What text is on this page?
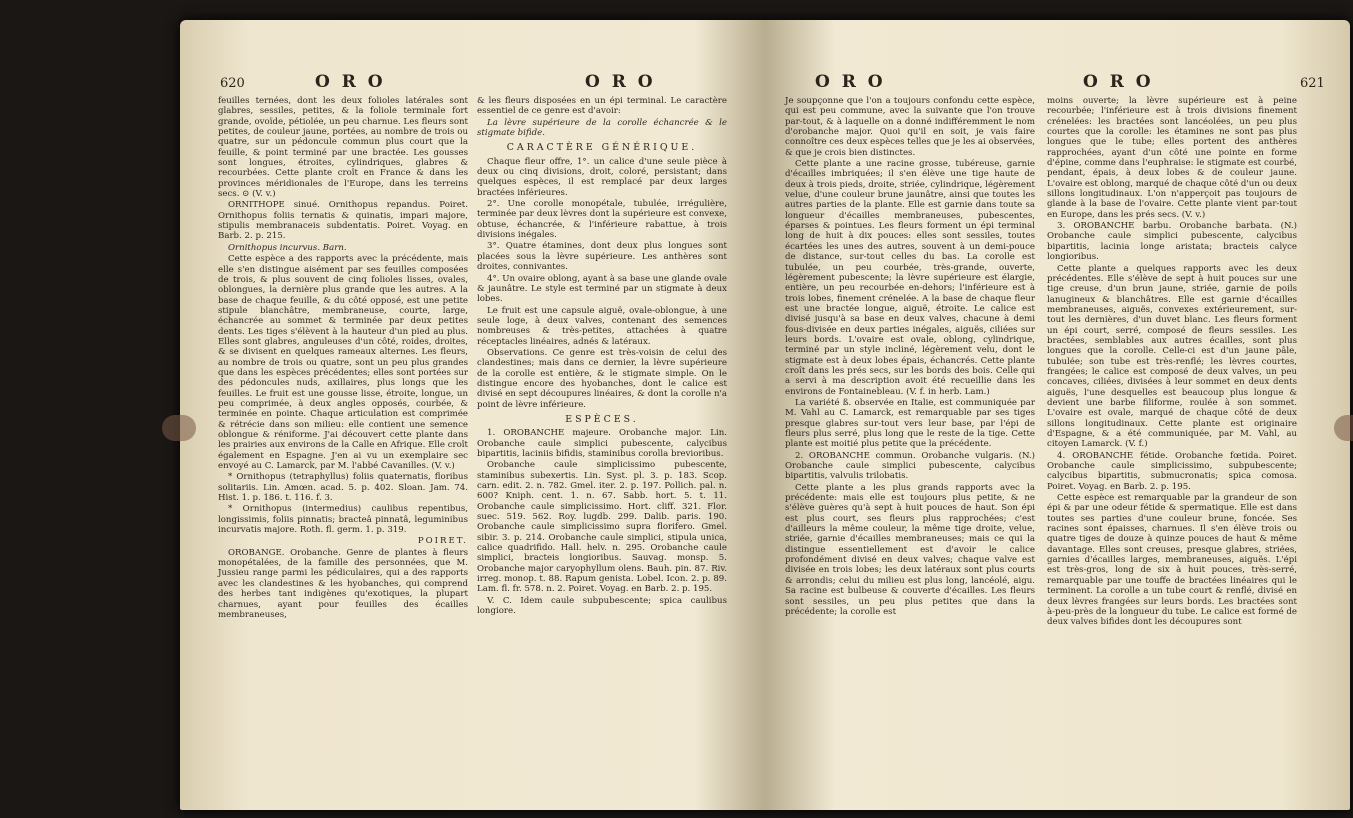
620	O R O	O R O

feuilles ternées, dont les deux folioles latérales sont glabres, sessiles, petites, & la foliole terminale fort grande, ovoïde, pétiolée, un peu charnue. Les fleurs sont petites, de couleur jaune, portées, au nombre de trois ou quatre, sur un pédoncule commun plus court que la feuille, & point terminé par une bractée. Les gousses sont longues, étroites, cylindriques, glabres & recourbées. Cette plante croît en France & dans les provinces méridionales de l'Europe, dans les terreins secs. ⊙ (V. v.)

ORNITHOPE sinué. Ornithopus repandus. Poiret. Ornithopus foliis ternatis & quinatis, impari majore, stipulis membranaceis subdentatis. Poiret. Voyag. en Barb. 2. p. 215.

Ornithopus incurvus. Barn.

Cette espèce a des rapports avec la précédente, mais elle s'en distingue aisément par ses feuilles composées de trois, & plus souvent de cinq folioles lisses, ovales, oblongues, la dernière plus grande que les autres. A la base de chaque feuille, & du côté opposé, est une petite stipule blanchâtre, membraneuse, courte, large, échancrée au sommet & terminée par deux petites dents. Les tiges s'élèvent à la hauteur d'un pied au plus. Elles sont glabres, anguleuses d'un côté, roides, droites, & se divisent en quelques rameaux alternes. Les fleurs, au nombre de trois ou quatre, sont un peu plus grandes que dans les espèces précédentes; elles sont portées sur des pédoncules nuds, axillaires, plus longs que les feuilles. Le fruit est une gousse lisse, étroite, longue, un peu comprimée, à deux angles opposés, courbée, & terminée en pointe. Chaque articulation est comprimée & rétrécie dans son milieu: elle contient une semence oblongue & réniforme. J'ai découvert cette plante dans les prairies aux environs de la Calle en Afrique. Elle croît également en Espagne. J'en ai vu un exemplaire sec envoyé au C. Lamarck, par M. l'abbé Cavanilles. (V. v.)

* Ornithopus (tetraphyllus) foliis quaternatis, floribus solitariis. Lin. Amœn. acad. 5. p. 402. Sloan. Jam. 74. Hist. 1. p. 186. t. 116. f. 3.

* Ornithopus (intermedius) caulibus repentibus, longissimis, foliis pinnatis; bracteâ pinnatâ, leguminibus incurvatis majore. Roth. fl. germ. 1. p. 319.

POIRET.

OROBANGE. Orobanche. Genre de plantes à fleurs monopétalées, de la famille des personnées, que M. Jussieu range parmi les pédiculaires, qui a des rapports avec les clandestines & les hyobanches, qui comprend des herbes tant indigènes qu'exotiques, la plupart charnues, ayant pour feuilles des écailles membraneuses,

& les fleurs disposées en un épi terminal. Le caractère essentiel de ce genre est d'avoir:

La lèvre supérieure de la corolle échancrée & le stigmate bifide.

CARACTÈRE GÉNÉRIQUE.

Chaque fleur offre, 1°. un calice d'une seule pièce à deux ou cinq divisions, droit, coloré, persistant; dans quelques espèces, il est remplacé par deux larges bractées inférieures.

2°. Une corolle monopétale, tubulée, irrégulière, terminée par deux lèvres dont la supérieure est convexe, obtuse, échancrée, & l'inférieure rabattue, à trois divisions inégales.

3°. Quatre étamines, dont deux plus longues sont placées sous la lèvre supérieure. Les anthères sont droites, connivantes.

4°. Un ovaire oblong, ayant à sa base une glande ovale & jaunâtre. Le style est terminé par un stigmate à deux lobes.

Le fruit est une capsule aiguë, ovale-oblongue, à une seule loge, à deux valves, contenant des semences nombreuses & très-petites, attachées à quatre réceptacles linéaires, adnés & latéraux.

Observations. Ce genre est très-voisin de celui des clandestines; mais dans ce dernier, la lèvre supérieure de la corolle est entière, & le stigmate simple. On le distingue encore des hyobanches, dont le calice est divisé en sept découpures linéaires, & dont la corolle n'a point de lèvre inférieure.

ESPÈCES.

1. OROBANCHE majeure. Orobanche major. Lin. Orobanche caule simplici pubescente, calycibus bipartitis, laciniis bifidis, staminibus corolla brevioribus.

Orobanche caule simplicissimo pubescente, staminibus subexertis. Lin. Syst. pl. 3. p. 183. Scop. carn. edit. 2. n. 782. Gmel. iter. 2. p. 197. Pollich. pal. n. 600? Kniph. cent. 1. n. 67. Sabb. hort. 5. t. 11. Orobanche caule simplicissimo. Hort. cliff. 321. Flor. suec. 519. 562. Roy. lugdb. 299. Dalib. paris. 190. Orobanche caule simplicissimo supra florifero. Gmel. sibir. 3. p. 214. Orobanche caule simplici, stipula unica, calice quadrifido. Hall. helv. n. 295. Orobanche caule simplici, bracteis longioribus. Sauvag. monsp. 5. Orobanche major caryophyllum olens. Bauh. pin. 87. Riv. irreg. monop. t. 88. Rapum genista. Lobel. Icon. 2. p. 89. Lam. fl. fr. 578. n. 2. Poiret. Voyag. en Barb. 2. p. 195.

V. C. Idem caule subpubescente; spica caulibus longiore.

O R O	O R O	621

Je soupçonne que l'on a toujours confondu cette espèce, qui est peu commune, avec la suivante que l'on trouve par-tout, & à laquelle on a donné indifféremment le nom d'orobanche major. Quoi qu'il en soit, je vais faire connoître ces deux espèces telles que je les ai observées, & que je crois bien distinctes.

Cette plante a une racine grosse, tubéreuse, garnie d'écailles imbriquées; il s'en élève une tige haute de deux à trois pieds, droite, striée, cylindrique, légèrement velue, d'une couleur brune jaunâtre, ainsi que toutes les autres parties de la plante. Elle est garnie dans toute sa longueur d'écailles membraneuses, pubescentes, éparses & pointues. Les fleurs forment un épi terminal long de huit à dix pouces: elles sont sessiles, toutes écartées les unes des autres, souvent à un demi-pouce de distance, sur-tout celles du bas. La corolle est tubulée, un peu courbée, très-grande, ouverte, légèrement pubescente; la lèvre supérieure est élargie, entière, un peu recourbée en-dehors; l'inférieure est à trois lobes, finement crénelée. A la base de chaque fleur est une bractée longue, aiguë, étroite. Le calice est divisé jusqu'à sa base en deux valves, chacune à demi fous-divisée en deux parties inégales, aiguës, ciliées sur leurs bords. L'ovaire est ovale, oblong, cylindrique, terminé par un style incliné, légèrement velu, dont le stigmate est à deux lobes épais, échancrés. Cette plante croît dans les prés secs, sur les bords des bois. Celle qui a servi à ma description avoit été recueillie dans les environs de Fontainebleau. (V. f. in herb. Lam.)

La variété ß. observée en Italie, est communiquée par M. Vahl au C. Lamarck, est remarquable par ses tiges presque glabres sur-tout vers leur base, par l'épi de fleurs plus serré, plus long que le reste de la tige. Cette plante est moitié plus petite que la précédente.

2. OROBANCHE commun. Orobanche vulgaris. (N.) Orobanche caule simplici pubescente, calycibus bipartitis, valvulis trilobatis.

Cette plante a les plus grands rapports avec la précédente: mais elle est toujours plus petite, & ne s'élève guères qu'à sept à huit pouces de haut. Son épi est plus court, ses fleurs plus rapprochées; c'est d'ailleurs la même couleur, la même tige droite, velue, striée, garnie d'écailles membraneuses; mais ce qui la distingue essentiellement est d'avoir le calice profondément divisé en deux valves; chaque valve est divisée en trois lobes; les deux latéraux sont plus courts & arrondis; celui du milieu est plus long, lancéolé, aigu. Sa racine est bulbeuse & couverte d'écailles. Les fleurs sont sessiles, un peu plus petites que dans la précédente; la corolle est

moins ouverte; la lèvre supérieure est à peine recourbée; l'inférieure est à trois divisions finement crénelées: les bractées sont lancéolées, un peu plus courtes que la corolle: les étamines ne sont pas plus longues que le tube; elles portent des anthères rapprochées, ayant d'un côté une pointe en forme d'épine, comme dans l'euphraise: le stigmate est courbé, pendant, épais, à deux lobes & de couleur jaune. L'ovaire est oblong, marqué de chaque côté d'un ou deux sillons longitudinaux. L'on n'apperçoit pas toujours de glande à la base de l'ovaire. Cette plante vient par-tout en Europe, dans les prés secs. (V. v.)

3. OROBANCHE barbu. Orobanche barbata. (N.) Orobanche caule simplici pubescente, calycibus bipartitis, lacinia longe aristata; bracteis calyce longioribus.

Cette plante a quelques rapports avec les deux précédentes. Elle s'élève de sept à huit pouces sur une tige creuse, d'un brun jaune, striée, garnie de poils lanugineux & blanchâtres. Elle est garnie d'écailles membraneuses, aiguës, convexes extérieurement, sur-tout les dernières, d'un duvet blanc. Les fleurs forment un épi court, serré, composé de fleurs sessiles. Les bractées, semblables aux autres écailles, sont plus longues que la corolle. Celle-ci est d'un jaune pâle, tubulée; son tube est très-renflé; les lèvres courtes, frangées; le calice est composé de deux valves, un peu concaves, ciliées, divisées à leur sommet en deux dents aiguës, l'une desquelles est beaucoup plus longue & devient une barbe filiforme, roulée à son sommet. L'ovaire est ovale, marqué de chaque côté de deux sillons longitudinaux. Cette plante est originaire d'Espagne, & a été communiquée, par M. Vahl, au citoyen Lamarck. (V. f.)

4. OROBANCHE fétide. Orobanche fœtida. Poiret. Orobanche caule simplicissimo, subpubescente; calycibus bipartitis, submucronatis; spica comosa. Poiret. Voyag. en Barb. 2. p. 195.

Cette espèce est remarquable par la grandeur de son épi & par une odeur fétide & spermatique. Elle est dans toutes ses parties d'une couleur brune, foncée. Ses racines sont épaisses, charnues. Il s'en élève trois ou quatre tiges de douze à quinze pouces de haut & même davantage. Elles sont creuses, presque glabres, striées, garnies d'écailles larges, membraneuses, aiguës. L'épi est très-gros, long de six à huit pouces, très-serré, remarquable par une touffe de bractées linéaires qui le terminent. La corolle a un tube court & renflé, divisé en deux lèvres frangées sur leurs bords. Les bractées sont à-peu-près de la longueur du tube. Le calice est formé de deux valves bifides dont les découpures sont
